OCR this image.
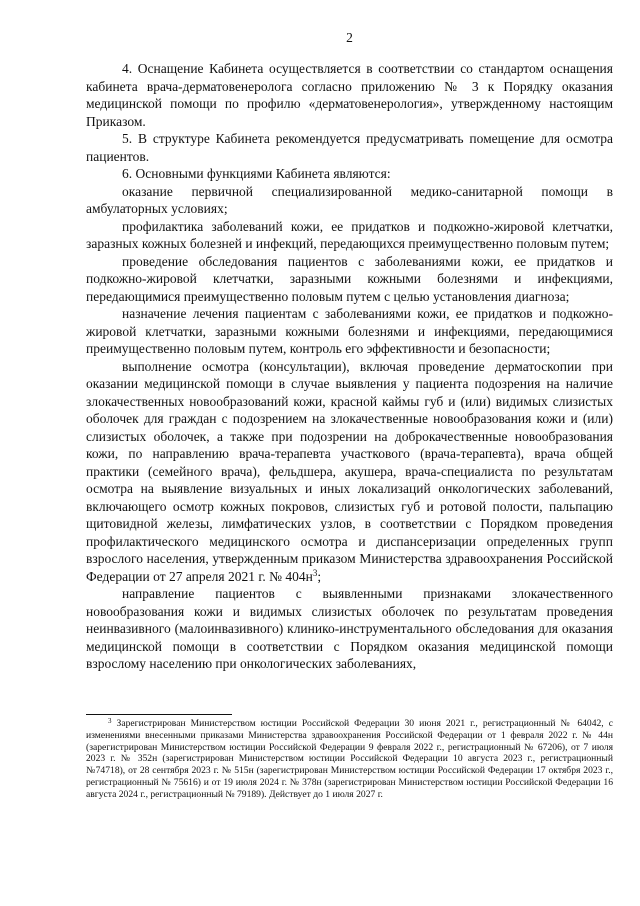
2

4. Оснащение Кабинета осуществляется в соответствии со стандартом оснащения кабинета врача-дерматовенеролога согласно приложению № 3 к Порядку оказания медицинской помощи по профилю «дерматовенерология», утвержденному настоящим Приказом.

5. В структуре Кабинета рекомендуется предусматривать помещение для осмотра пациентов.

6. Основными функциями Кабинета являются:

оказание первичной специализированной медико-санитарной помощи в амбулаторных условиях;

профилактика заболеваний кожи, ее придатков и подкожно-жировой клетчатки, заразных кожных болезней и инфекций, передающихся преимущественно половым путем;

проведение обследования пациентов с заболеваниями кожи, ее придатков и подкожно-жировой клетчатки, заразными кожными болезнями и инфекциями, передающимися преимущественно половым путем с целью установления диагноза;

назначение лечения пациентам с заболеваниями кожи, ее придатков и подкожно-жировой клетчатки, заразными кожными болезнями и инфекциями, передающимися преимущественно половым путем, контроль его эффективности и безопасности;

выполнение осмотра (консультации), включая проведение дерматоскопии при оказании медицинской помощи в случае выявления у пациента подозрения на наличие злокачественных новообразований кожи, красной каймы губ и (или) видимых слизистых оболочек для граждан с подозрением на злокачественные новообразования кожи и (или) слизистых оболочек, а также при подозрении на доброкачественные новообразования кожи, по направлению врача-терапевта участкового (врача-терапевта), врача общей практики (семейного врача), фельдшера, акушера, врача-специалиста по результатам осмотра на выявление визуальных и иных локализаций онкологических заболеваний, включающего осмотр кожных покровов, слизистых губ и ротовой полости, пальпацию щитовидной железы, лимфатических узлов, в соответствии с Порядком проведения профилактического медицинского осмотра и диспансеризации определенных групп взрослого населения, утвержденным приказом Министерства здравоохранения Российской Федерации от 27 апреля 2021 г. № 404н$^3$;

направление пациентов с выявленными признаками злокачественного новообразования кожи и видимых слизистых оболочек по результатам проведения неинвазивного (малоинвазивного) клинико-инструментального обследования для оказания медицинской помощи в соответствии с Порядком оказания медицинской помощи взрослому населению при онкологических заболеваниях,

$^3$ Зарегистрирован Министерством юстиции Российской Федерации 30 июня 2021 г., регистрационный № 64042, с изменениями внесенными приказами Министерства здравоохранения Российской Федерации от 1 февраля 2022 г. № 44н (зарегистрирован Министерством юстиции Российской Федерации 9 февраля 2022 г., регистрационный № 67206), от 7 июля 2023 г. № 352н (зарегистрирован Министерством юстиции Российской Федерации 10 августа 2023 г., регистрационный №74718), от 28 сентября 2023 г. № 515н (зарегистрирован Министерством юстиции Российской Федерации 17 октября 2023 г., регистрационный № 75616) и от 19 июля 2024 г. № 378н (зарегистрирован Министерством юстиции Российской Федерации 16 августа 2024 г., регистрационный № 79189). Действует до 1 июля 2027 г.
